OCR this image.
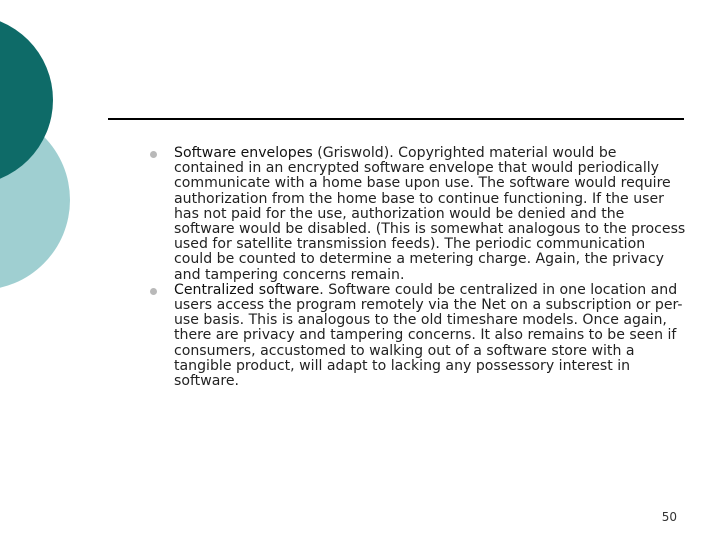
Software envelopes (Griswold). Copyrighted material would be contained in an encrypted software envelope that would periodically communicate with a home base upon use. The software would require authorization from the home base to continue functioning. If the user has not paid for the use, authorization would be denied and the software would be disabled. (This is somewhat analogous to the process used for satellite transmission feeds). The periodic communication could be counted to determine a metering charge. Again, the privacy and tampering concerns remain.
Centralized software. Software could be centralized in one location and users access the program remotely via the Net on a subscription or per-use basis. This is analogous to the old timeshare models. Once again, there are privacy and tampering concerns. It also remains to be seen if consumers, accustomed to walking out of a software store with a tangible product, will adapt to lacking any possessory interest in software.
50
